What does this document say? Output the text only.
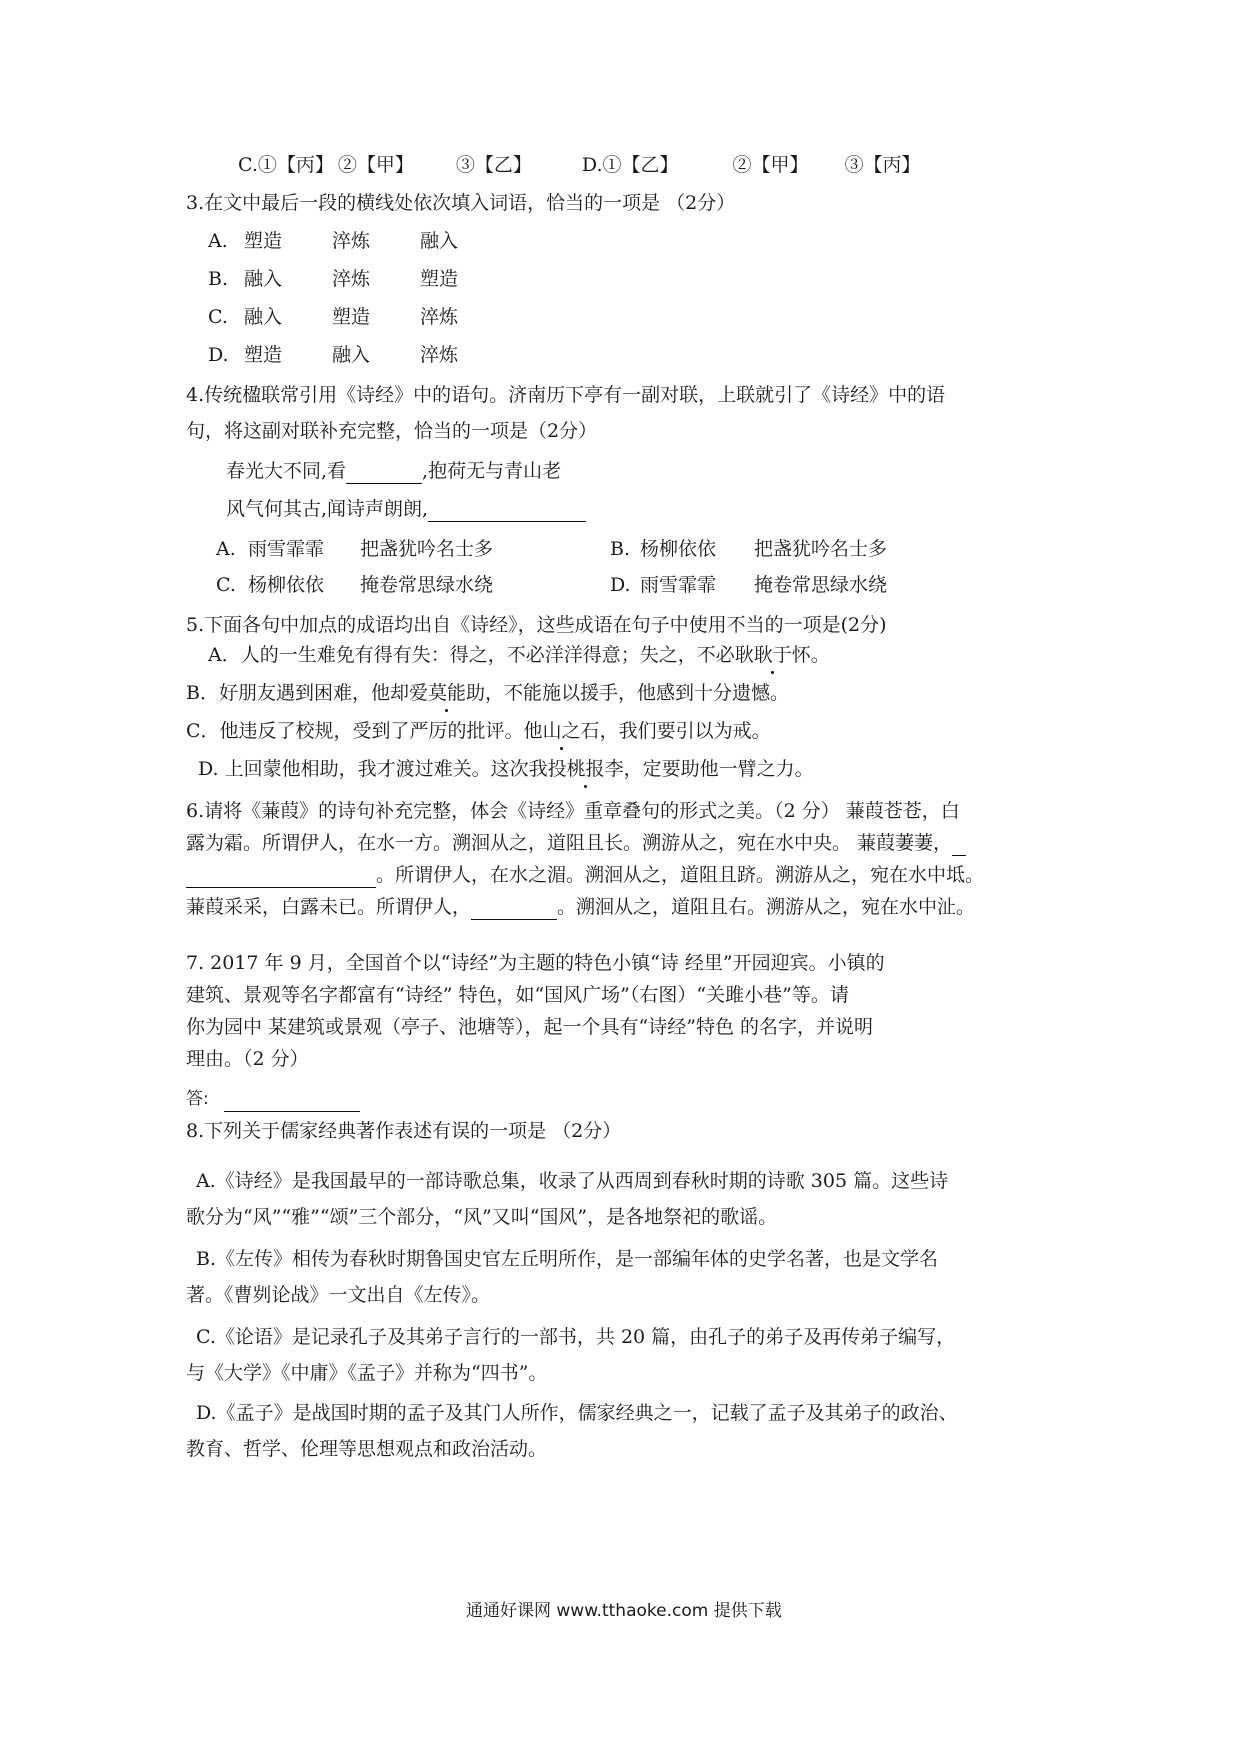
C.①【丙】 ②【甲】 ③【乙】	D.①【乙】	②【甲】 ③【丙】
3.在文中最后一段的横线处依次填入词语，恰当的一项是 （2分）
A. 塑造	淬炼	融入
B. 融入	淬炼	塑造
C. 融入	塑造	淬炼
D. 塑造	融入	淬炼
4.传统楹联常引用《诗经》中的语句。济南历下亭有一副对联，上联就引了《诗经》中的语
句，将这副对联补充完整，恰当的一项是（2分）
春光大不同,看	,抱荷无与青山老
风气何其古,闻诗声朗朗,
A. 雨雪霏霏 把盏犹吟名士多	B. 杨柳依依 把盏犹吟名士多
C. 杨柳依依 掩卷常思绿水绕	D. 雨雪霏霏 掩卷常思绿水绕
5.下面各句中加点的成语均出自《诗经》，这些成语在句子中使用不当的一项是(2分)
A．人的一生难免有得有失：得之，不必洋洋得意；失之，不必耿耿于怀。
B．好朋友遇到困难，他却爱莫能助，不能施以援手，他感到十分遗憾。
C．他违反了校规，受到了严厉的批评。他山之石，我们要引以为戒。
D. 上回蒙他相助，我才渡过难关。这次我投桃报李，定要助他一臂之力。
6.请将《蒹葭》的诗句补充完整，体会《诗经》重章叠句的形式之美。（2 分） 蒹葭苍苍，白
露为霜。所谓伊人，在水一方。溯洄从之，道阻且长。溯游从之，宛在水中央。 蒹葭萋萋，
。所谓伊人，在水之湄。溯洄从之，道阻且跻。溯游从之，宛在水中坻。
蒹葭采采，白露未已。所谓伊人，	。溯洄从之，道阻且右。溯游从之，宛在水中沚。
7. 2017 年 9 月，全国首个以“诗经”为主题的特色小镇“诗 经里”开园迎宾。小镇的
建筑、景观等名字都富有“诗经” 特色，如“国风广场”（右图）“关雎小巷”等。请
你为园中 某建筑或景观（亭子、池塘等），起一个具有“诗经”特色 的名字，并说明
理由。（2 分）
答:
8.下列关于儒家经典著作表述有误的一项是 （2分）
A.《诗经》是我国最早的一部诗歌总集，收录了从西周到春秋时期的诗歌 305 篇。这些诗
歌分为“风”“雅”“颂”三个部分，“风”又叫“国风”，是各地祭祀的歌谣。
B.《左传》相传为春秋时期鲁国史官左丘明所作，是一部编年体的史学名著，也是文学名
著。《曹刿论战》一文出自《左传》。
C.《论语》是记录孔子及其弟子言行的一部书，共 20 篇，由孔子的弟子及再传弟子编写，
与《大学》《中庸》《孟子》并称为“四书”。
D.《孟子》是战国时期的孟子及其门人所作，儒家经典之一，记载了孟子及其弟子的政治、
教育、哲学、伦理等思想观点和政治活动。
通通好课网 www.tthaoke.com 提供下载
